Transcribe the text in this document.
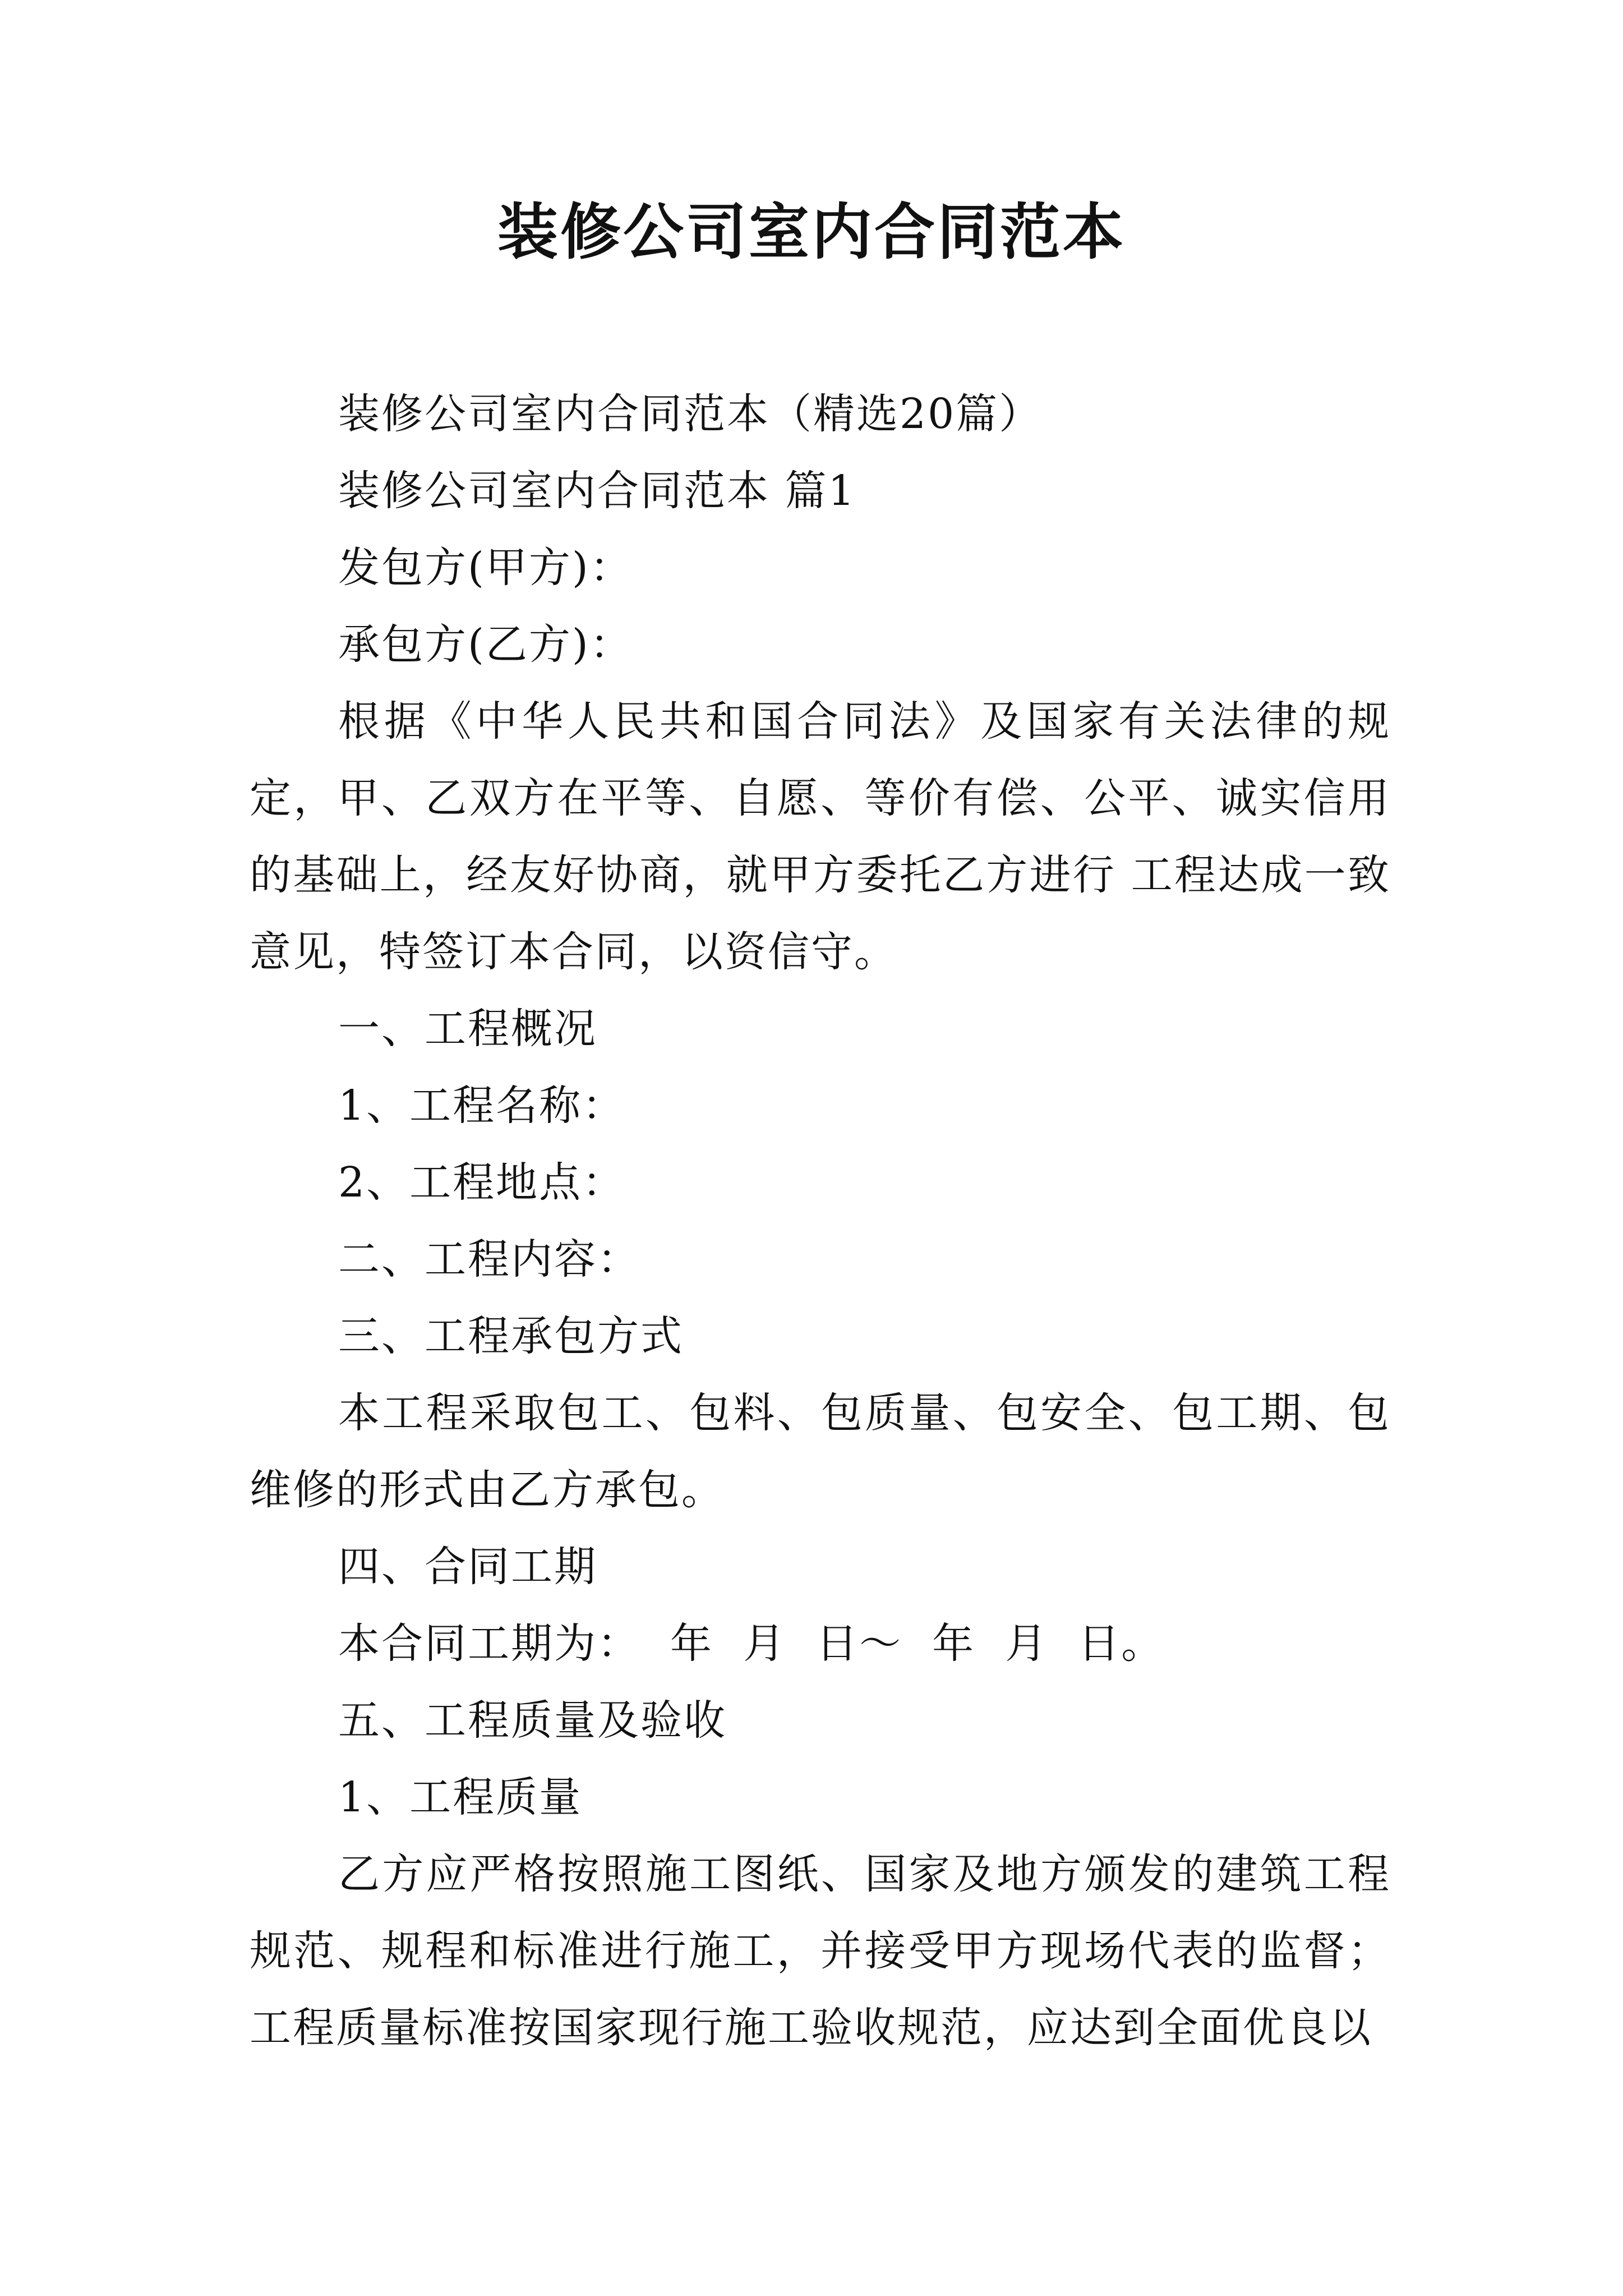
装修公司室内合同范本

装修公司室内合同范本（精选20篇）

装修公司室内合同范本 篇1

发包方(甲方)：

承包方(乙方)：

根据《中华人民共和国合同法》及国家有关法律的规定，甲、乙双方在平等、自愿、等价有偿、公平、诚实信用的基础上，经友好协商，就甲方委托乙方进行 工程达成一致意见，特签订本合同，以资信守。

一、工程概况

1、工程名称：

2、工程地点：

二、工程内容：

三、工程承包方式

本工程采取包工、包料、包质量、包安全、包工期、包维修的形式由乙方承包。

四、合同工期

本合同工期为：  年  月  日～  年  月  日。

五、工程质量及验收

1、工程质量

乙方应严格按照施工图纸、国家及地方颁发的建筑工程规范、规程和标准进行施工，并接受甲方现场代表的监督；工程质量标准按国家现行施工验收规范，应达到全面优良以
